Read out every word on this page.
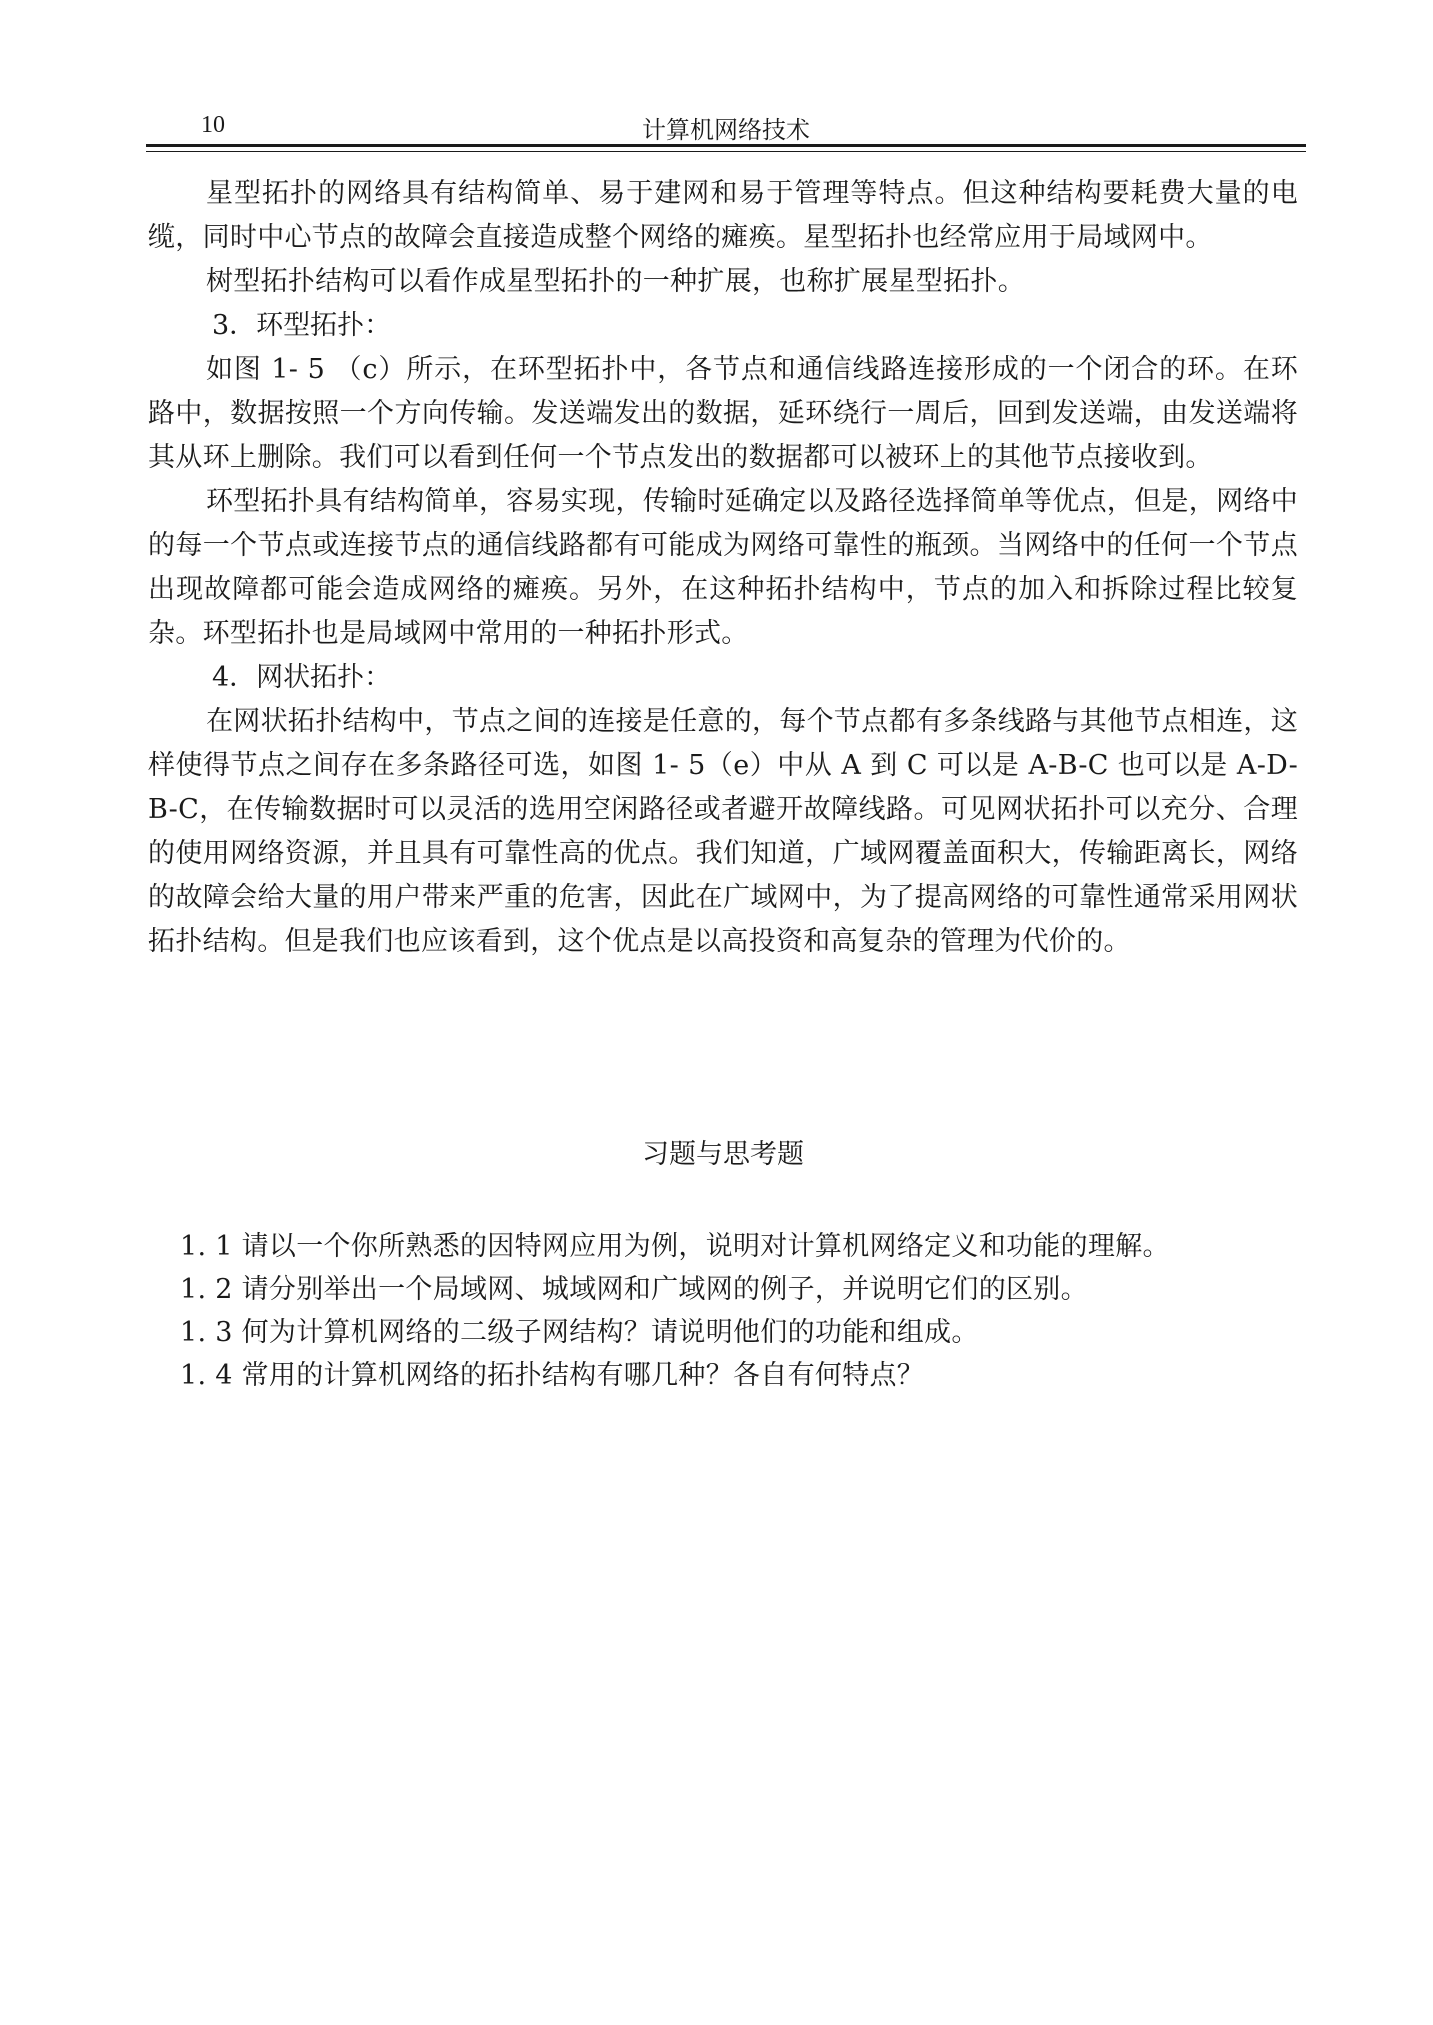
10	计算机网络技术

星型拓扑的网络具有结构简单、易于建网和易于管理等特点。但这种结构要耗费大量的电缆，同时中心节点的故障会直接造成整个网络的瘫痪。星型拓扑也经常应用于局域网中。

树型拓扑结构可以看作成星型拓扑的一种扩展，也称扩展星型拓扑。

3．环型拓扑：

如图 1- 5 （c）所示，在环型拓扑中，各节点和通信线路连接形成的一个闭合的环。在环路中，数据按照一个方向传输。发送端发出的数据，延环绕行一周后，回到发送端，由发送端将其从环上删除。我们可以看到任何一个节点发出的数据都可以被环上的其他节点接收到。

环型拓扑具有结构简单，容易实现，传输时延确定以及路径选择简单等优点，但是，网络中的每一个节点或连接节点的通信线路都有可能成为网络可靠性的瓶颈。当网络中的任何一个节点出现故障都可能会造成网络的瘫痪。另外，在这种拓扑结构中，节点的加入和拆除过程比较复杂。环型拓扑也是局域网中常用的一种拓扑形式。

4．网状拓扑：

在网状拓扑结构中，节点之间的连接是任意的，每个节点都有多条线路与其他节点相连，这样使得节点之间存在多条路径可选，如图 1- 5（e）中从 A 到 C 可以是 A-B-C 也可以是 A-D-B-C，在传输数据时可以灵活的选用空闲路径或者避开故障线路。可见网状拓扑可以充分、合理的使用网络资源，并且具有可靠性高的优点。我们知道，广域网覆盖面积大，传输距离长，网络的故障会给大量的用户带来严重的危害，因此在广域网中，为了提高网络的可靠性通常采用网状拓扑结构。但是我们也应该看到，这个优点是以高投资和高复杂的管理为代价的。

习题与思考题

1. 1 请以一个你所熟悉的因特网应用为例，说明对计算机网络定义和功能的理解。

1. 2 请分别举出一个局域网、城域网和广域网的例子，并说明它们的区别。

1. 3 何为计算机网络的二级子网结构？请说明他们的功能和组成。

1. 4 常用的计算机网络的拓扑结构有哪几种？各自有何特点？
